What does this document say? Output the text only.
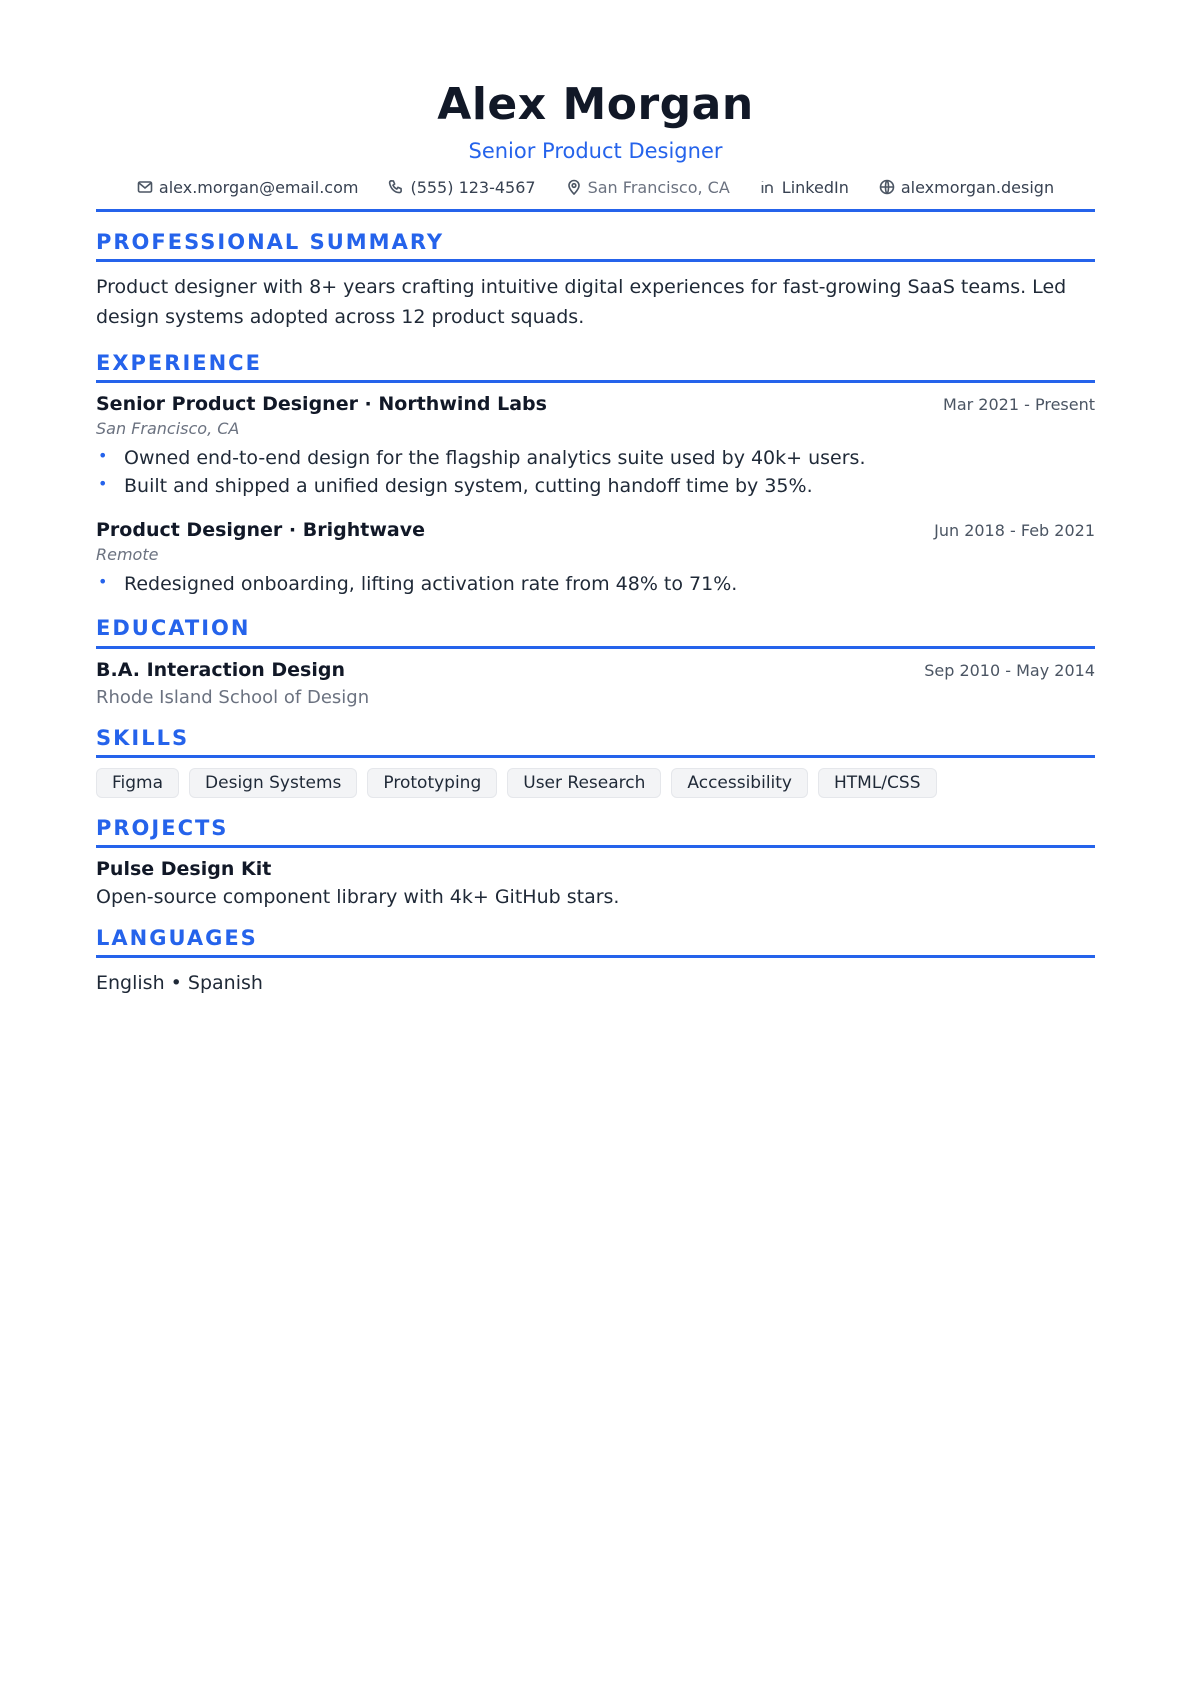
Alex Morgan
Senior Product Designer
alex.morgan@email.com	(555) 123-4567	San Francisco, CA	LinkedIn	alexmorgan.design
PROFESSIONAL SUMMARY

Product designer with 8+ years crafting intuitive digital experiences for fast-growing SaaS teams. Led design systems adopted across 12 product squads.

EXPERIENCE
Senior Product Designer · Northwind Labs	Mar 2021 - Present
San Francisco, CA
• Owned end-to-end design for the flagship analytics suite used by 40k+ users.
• Built and shipped a unified design system, cutting handoff time by 35%.
Product Designer · Brightwave	Jun 2018 - Feb 2021
Remote
• Redesigned onboarding, lifting activation rate from 48% to 71%.
EDUCATION
B.A. Interaction Design	Sep 2010 - May 2014
Rhode Island School of Design
SKILLS
Figma	Design Systems	Prototyping	User Research	Accessibility	HTML/CSS
PROJECTS
Pulse Design Kit
Open-source component library with 4k+ GitHub stars.
LANGUAGES

English • Spanish
